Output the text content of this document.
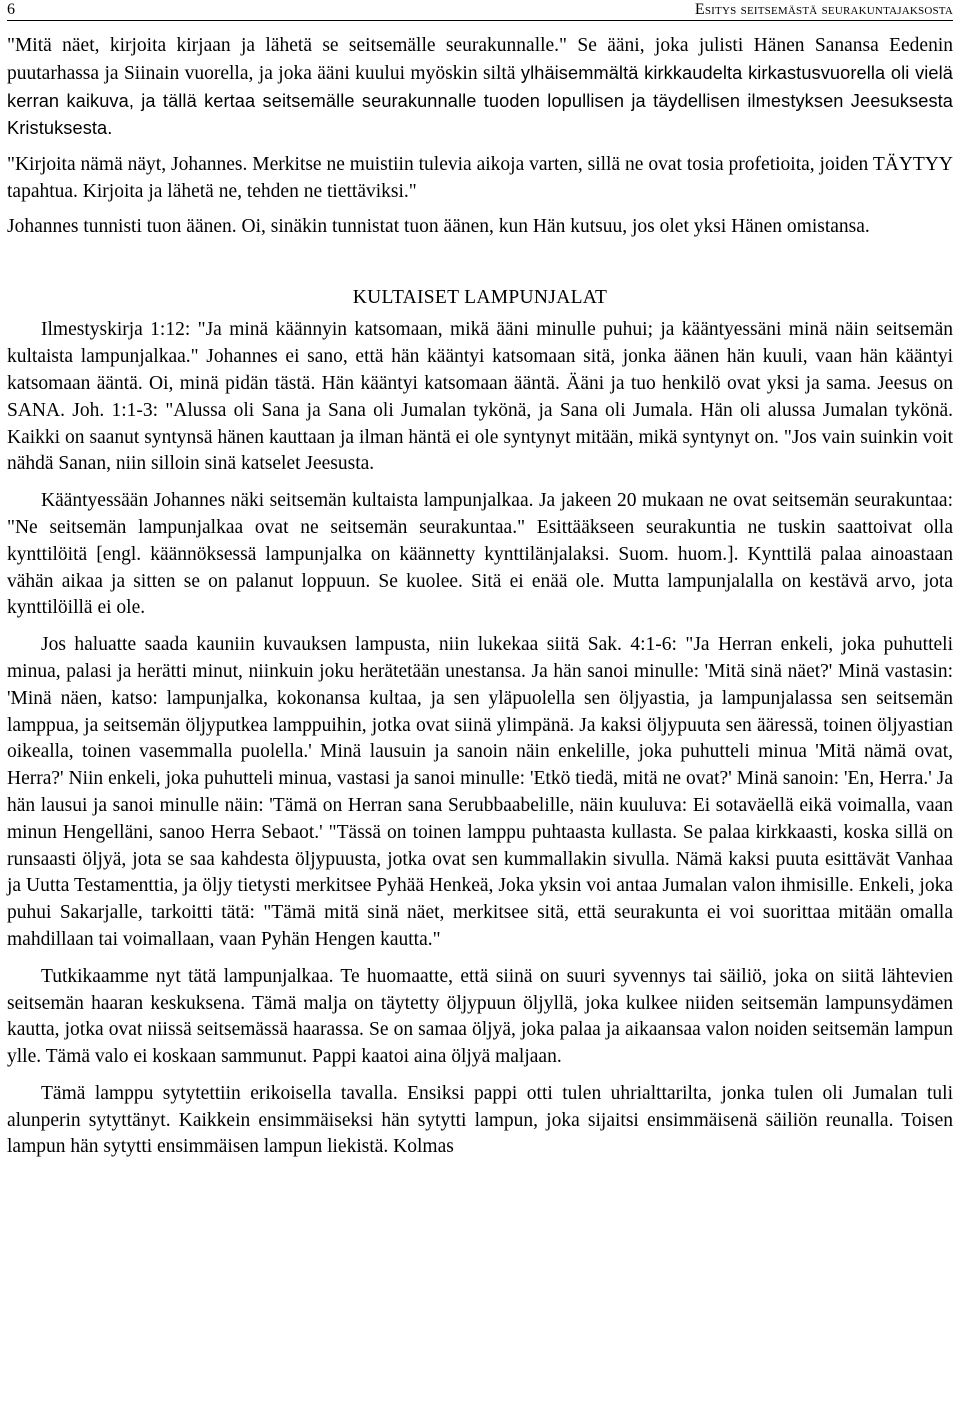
6	Esitys seitsemästä seurakuntajaksosta

"Mitä näet, kirjoita kirjaan ja lähetä se seitsemälle seurakunnalle." Se ääni, joka julisti Hänen Sanansa Eedenin puutarhassa ja Siinain vuorella, ja joka ääni kuului myöskin siltä ylhäisemmältä kirkkaudelta kirkastusvuorella oli vielä kerran kaikuva, ja tällä kertaa seitsemälle seurakunnalle tuoden lopullisen ja täydellisen ilmestyksen Jeesuksesta Kristuksesta.

"Kirjoita nämä näyt, Johannes. Merkitse ne muistiin tulevia aikoja varten, sillä ne ovat tosia profetioita, joiden TÄYTYY tapahtua. Kirjoita ja lähetä ne, tehden ne tiettäviksi."

Johannes tunnisti tuon äänen. Oi, sinäkin tunnistat tuon äänen, kun Hän kutsuu, jos olet yksi Hänen omistansa.

KULTAISET LAMPUNJALAT

Ilmestyskirja 1:12: "Ja minä käännyin katsomaan, mikä ääni minulle puhui; ja kääntyessäni minä näin seitsemän kultaista lampunjalkaa." Johannes ei sano, että hän kääntyi katsomaan sitä, jonka äänen hän kuuli, vaan hän kääntyi katsomaan ääntä. Oi, minä pidän tästä. Hän kääntyi katsomaan ääntä. Ääni ja tuo henkilö ovat yksi ja sama. Jeesus on SANA. Joh. 1:1-3: "Alussa oli Sana ja Sana oli Jumalan tykönä, ja Sana oli Jumala. Hän oli alussa Jumalan tykönä. Kaikki on saanut syntynsä hänen kauttaan ja ilman häntä ei ole syntynyt mitään, mikä syntynyt on. "Jos vain suinkin voit nähdä Sanan, niin silloin sinä katselet Jeesusta.

Kääntyessään Johannes näki seitsemän kultaista lampunjalkaa. Ja jakeen 20 mukaan ne ovat seitsemän seurakuntaa: "Ne seitsemän lampunjalkaa ovat ne seitsemän seurakuntaa." Esittääkseen seurakuntia ne tuskin saattoivat olla kynttilöitä [engl. käännöksessä lampunjalka on käännetty kynttilänjalaksi. Suom. huom.]. Kynttilä palaa ainoastaan vähän aikaa ja sitten se on palanut loppuun. Se kuolee. Sitä ei enää ole. Mutta lampunjalalla on kestävä arvo, jota kynttilöillä ei ole.

Jos haluatte saada kauniin kuvauksen lampusta, niin lukekaa siitä Sak. 4:1-6: "Ja Herran enkeli, joka puhutteli minua, palasi ja herätti minut, niinkuin joku herätetään unestansa. Ja hän sanoi minulle: 'Mitä sinä näet?' Minä vastasin: 'Minä näen, katso: lampunjalka, kokonansa kultaa, ja sen yläpuolella sen öljyastia, ja lampunjalassa sen seitsemän lamppua, ja seitsemän öljyputkea lamppuihin, jotka ovat siinä ylimpänä. Ja kaksi öljypuuta sen ääressä, toinen öljyastian oikealla, toinen vasemmalla puolella.' Minä lausuin ja sanoin näin enkelille, joka puhutteli minua 'Mitä nämä ovat, Herra?' Niin enkeli, joka puhutteli minua, vastasi ja sanoi minulle: 'Etkö tiedä, mitä ne ovat?' Minä sanoin: 'En, Herra.' Ja hän lausui ja sanoi minulle näin: 'Tämä on Herran sana Serubbaabelille, näin kuuluva: Ei sotaväellä eikä voimalla, vaan minun Hengelläni, sanoo Herra Sebaot.' "Tässä on toinen lamppu puhtaasta kullasta. Se palaa kirkkaasti, koska sillä on runsaasti öljyä, jota se saa kahdesta öljypuusta, jotka ovat sen kummallakin sivulla. Nämä kaksi puuta esittävät Vanhaa ja Uutta Testamenttia, ja öljy tietysti merkitsee Pyhää Henkeä, Joka yksin voi antaa Jumalan valon ihmisille. Enkeli, joka puhui Sakarjalle, tarkoitti tätä: "Tämä mitä sinä näet, merkitsee sitä, että seurakunta ei voi suorittaa mitään omalla mahdillaan tai voimallaan, vaan Pyhän Hengen kautta."

Tutkikaamme nyt tätä lampunjalkaa. Te huomaatte, että siinä on suuri syvennys tai säiliö, joka on siitä lähtevien seitsemän haaran keskuksena. Tämä malja on täytetty öljypuun öljyllä, joka kulkee niiden seitsemän lampunsydämen kautta, jotka ovat niissä seitsemässä haarassa. Se on samaa öljyä, joka palaa ja aikaansaa valon noiden seitsemän lampun ylle. Tämä valo ei koskaan sammunut. Pappi kaatoi aina öljyä maljaan.

Tämä lamppu sytytettiin erikoisella tavalla. Ensiksi pappi otti tulen uhrialttarilta, jonka tulen oli Jumalan tuli alunperin sytyttänyt. Kaikkein ensimmäiseksi hän sytytti lampun, joka sijaitsi ensimmäisenä säiliön reunalla. Toisen lampun hän sytytti ensimmäisen lampun liekistä. Kolmas
